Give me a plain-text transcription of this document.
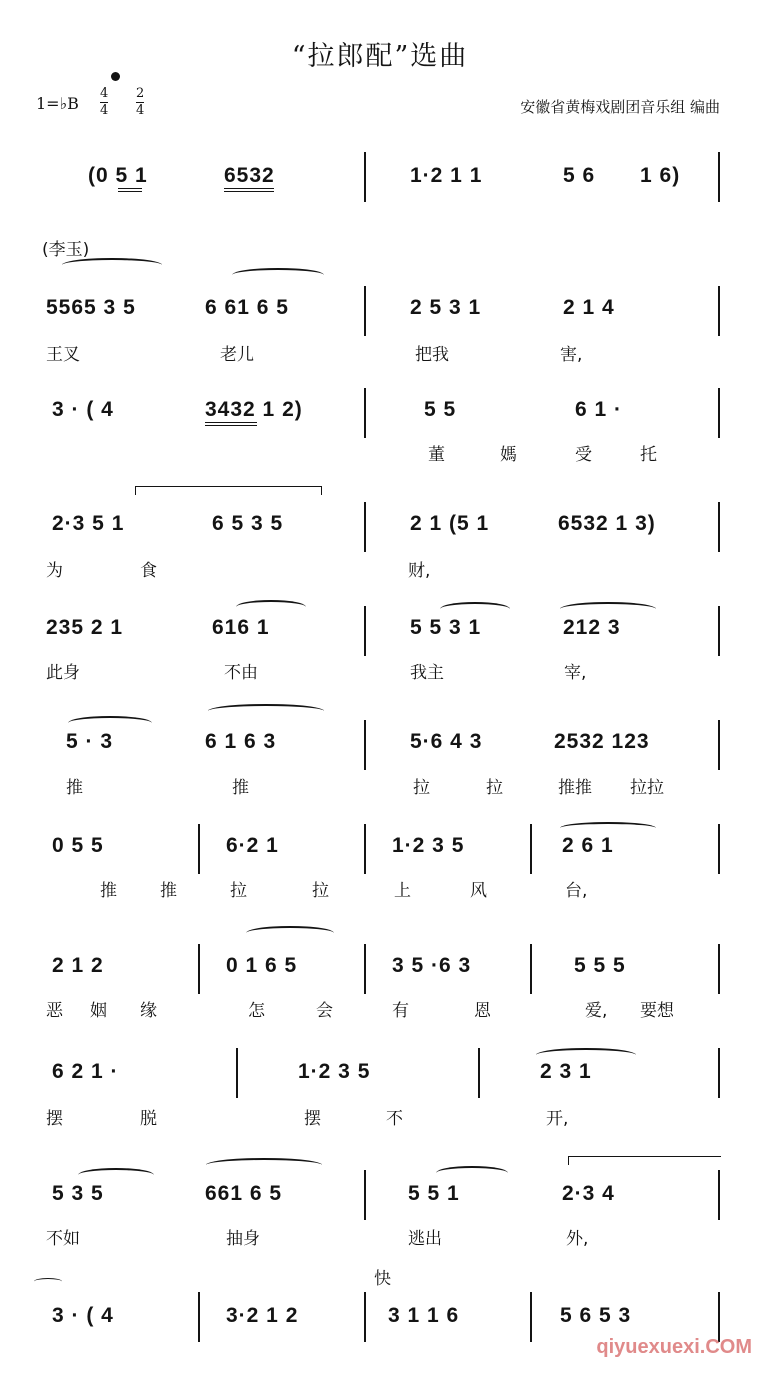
“拉郎配”选曲
1=♭B $\frac{4}{4} \frac{2}{4}$	安徽省黄梅戏剧团音乐组 编曲
(0 5 1	6532	1·2 1 1	5 6 1 6)
(李玉)
5565 3 5	6 61 6 5	2 5 3 1	2 1 4
王叉	老儿	把我	害,
3 · ( 4	3432 1 2)	5 5	6 1 ·
董	媽	受	托
2·3 5 1	6 5 3 5	2 1 (5 1	6532 1 3)
为	食	财,
235 2 1	616 1	5 5 3 1	212 3
此身	不由	我主	宰,
5 · 3	6 1 6 3	5·6 4 3	2532 123
推	推	拉	拉	推推 拉拉
0 5 5	6·2 1	1·2 3 5	2 6 1
推	推	拉	拉	上	风	台,
2 1 2	0 1 6 5	3 5 ·6 3	5 5 5
恶 姻 缘	怎	会	有	恩	爱, 要想
6 2 1 ·	1·2 3 5	2 3 1
摆	脱	摆	不	开,
5 3 5	661 6 5	5 5 1	2·3 4
不如	抽身	逃出	外,
快
3 · ( 4	3·2 1 2	3 1 1 6	5 6 5 3
qiyuexuexi.COM
